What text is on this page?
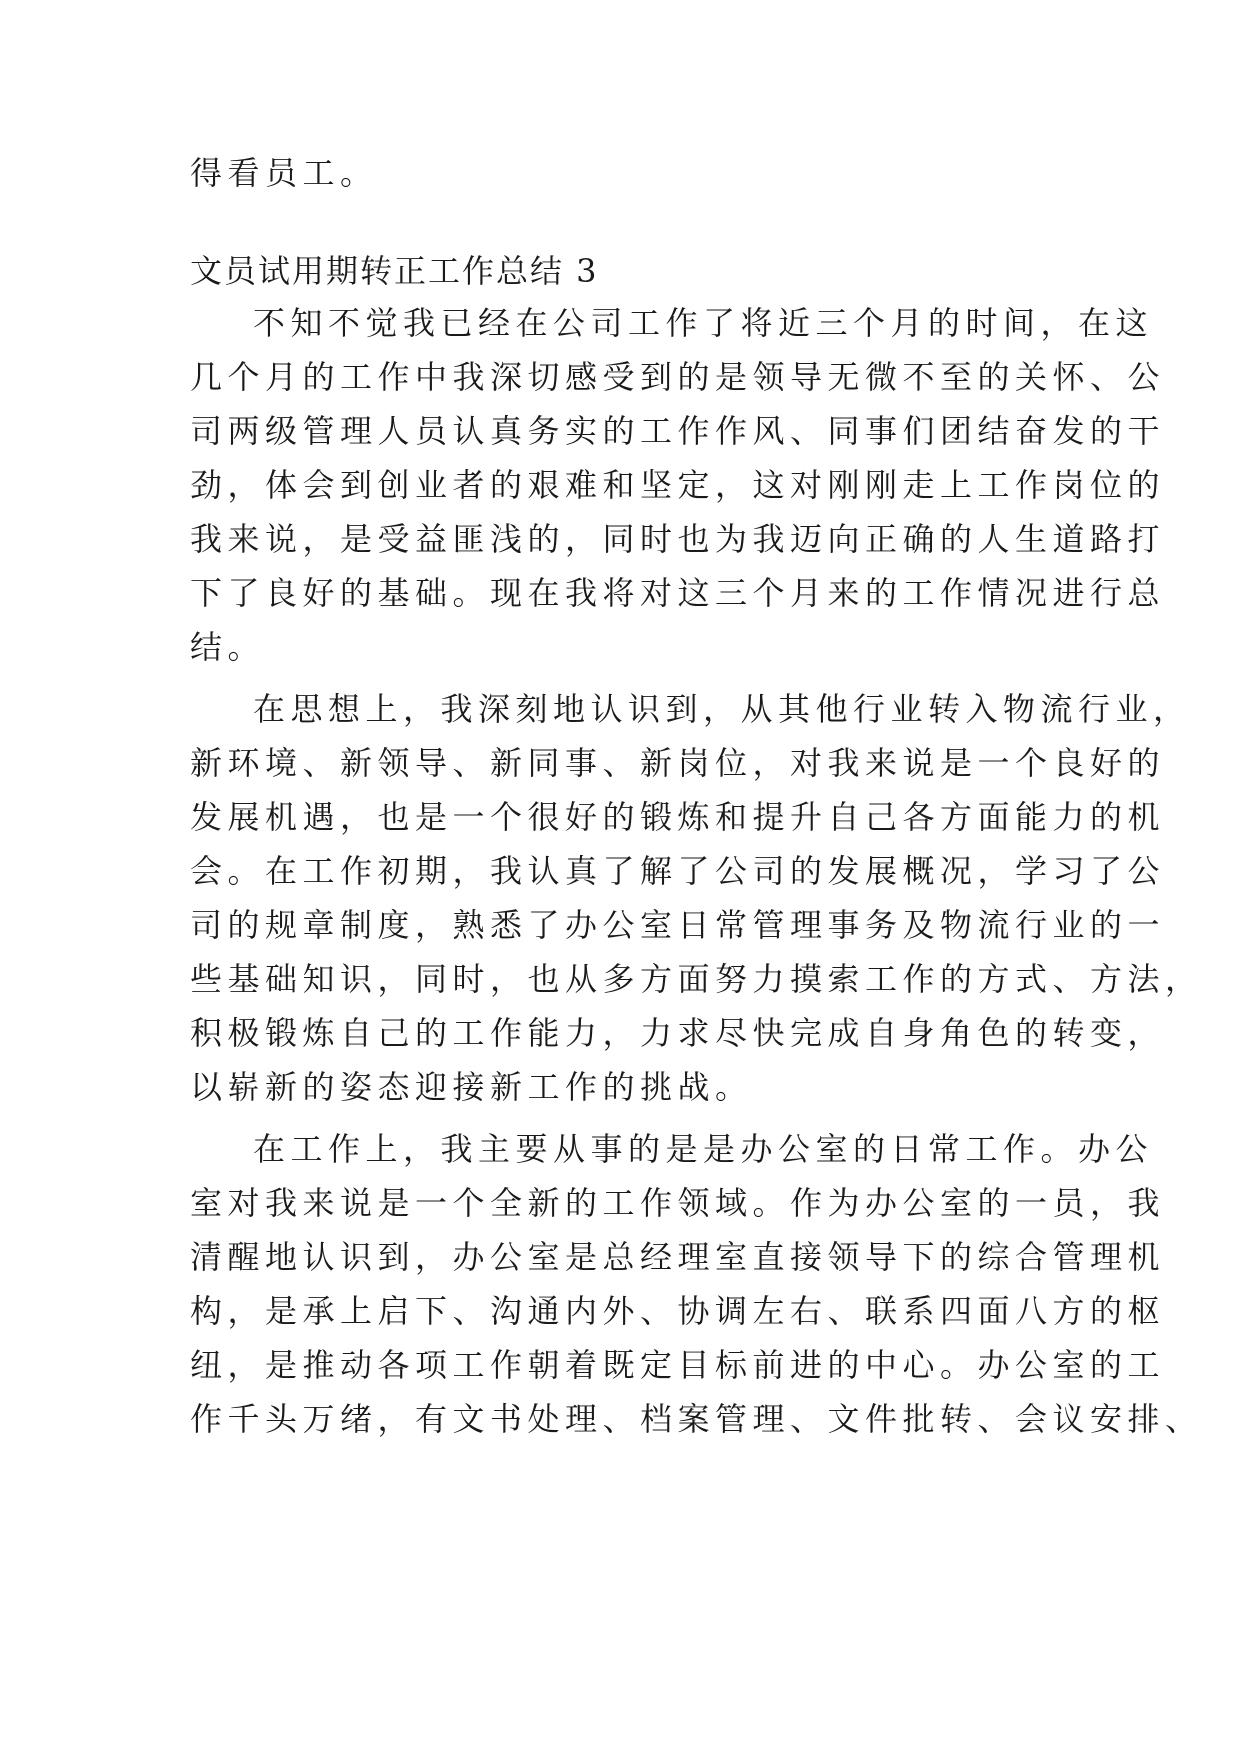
得看员工。
文员试用期转正工作总结 3
不知不觉我已经在公司工作了将近三个月的时间，在这
几个月的工作中我深切感受到的是领导无微不至的关怀、公
司两级管理人员认真务实的工作作风、同事们团结奋发的干
劲，体会到创业者的艰难和坚定，这对刚刚走上工作岗位的
我来说，是受益匪浅的，同时也为我迈向正确的人生道路打
下了良好的基础。现在我将对这三个月来的工作情况进行总
结。
在思想上，我深刻地认识到，从其他行业转入物流行业，
新环境、新领导、新同事、新岗位，对我来说是一个良好的
发展机遇，也是一个很好的锻炼和提升自己各方面能力的机
会。在工作初期，我认真了解了公司的发展概况，学习了公
司的规章制度，熟悉了办公室日常管理事务及物流行业的一
些基础知识，同时，也从多方面努力摸索工作的方式、方法，
积极锻炼自己的工作能力，力求尽快完成自身角色的转变，
以崭新的姿态迎接新工作的挑战。
在工作上，我主要从事的是是办公室的日常工作。办公
室对我来说是一个全新的工作领域。作为办公室的一员，我
清醒地认识到，办公室是总经理室直接领导下的综合管理机
构，是承上启下、沟通内外、协调左右、联系四面八方的枢
纽，是推动各项工作朝着既定目标前进的中心。办公室的工
作千头万绪，有文书处理、档案管理、文件批转、会议安排、
